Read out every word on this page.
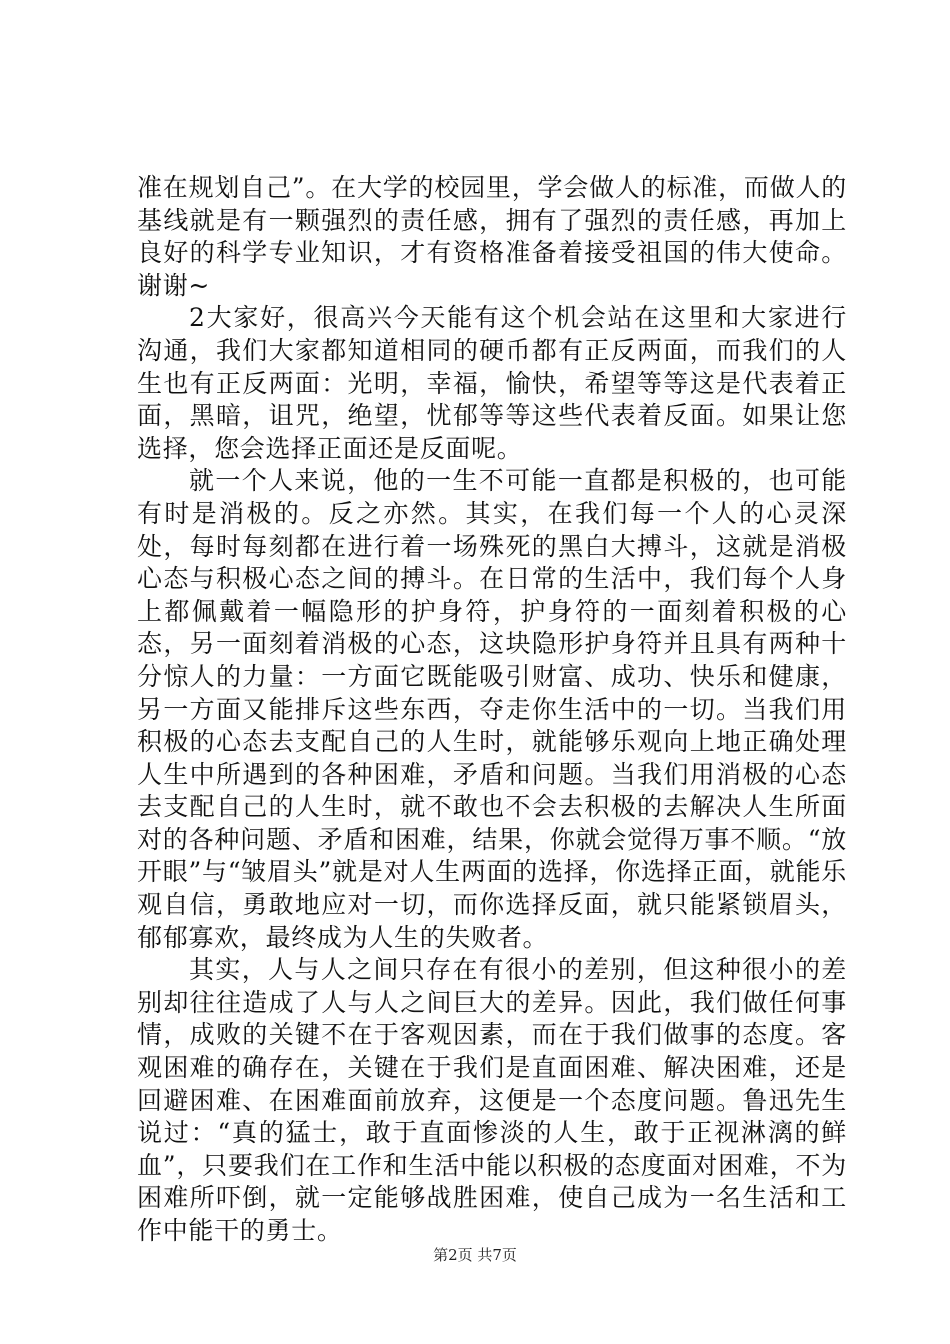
准在规划自己”。在大学的校园里，学会做人的标准，而做人的基线就是有一颗强烈的责任感，拥有了强烈的责任感，再加上良好的科学专业知识，才有资格准备着接受祖国的伟大使命。谢谢~

2大家好，很高兴今天能有这个机会站在这里和大家进行沟通，我们大家都知道相同的硬币都有正反两面，而我们的人生也有正反两面：光明，幸福，愉快，希望等等这是代表着正面，黑暗，诅咒，绝望，忧郁等等这些代表着反面。如果让您选择，您会选择正面还是反面呢。

就一个人来说，他的一生不可能一直都是积极的，也可能有时是消极的。反之亦然。其实，在我们每一个人的心灵深处，每时每刻都在进行着一场殊死的黑白大搏斗，这就是消极心态与积极心态之间的搏斗。在日常的生活中，我们每个人身上都佩戴着一幅隐形的护身符，护身符的一面刻着积极的心态，另一面刻着消极的心态，这块隐形护身符并且具有两种十分惊人的力量：一方面它既能吸引财富、成功、快乐和健康，另一方面又能排斥这些东西，夺走你生活中的一切。当我们用积极的心态去支配自己的人生时，就能够乐观向上地正确处理人生中所遇到的各种困难，矛盾和问题。当我们用消极的心态去支配自己的人生时，就不敢也不会去积极的去解决人生所面对的各种问题、矛盾和困难，结果，你就会觉得万事不顺。“放开眼”与“皱眉头”就是对人生两面的选择，你选择正面，就能乐观自信，勇敢地应对一切，而你选择反面，就只能紧锁眉头，郁郁寡欢，最终成为人生的失败者。

其实，人与人之间只存在有很小的差别，但这种很小的差别却往往造成了人与人之间巨大的差异。因此，我们做任何事情，成败的关键不在于客观因素，而在于我们做事的态度。客观困难的确存在，关键在于我们是直面困难、解决困难，还是回避困难、在困难面前放弃，这便是一个态度问题。鲁迅先生说过：“真的猛士，敢于直面惨淡的人生，敢于正视淋漓的鲜血”，只要我们在工作和生活中能以积极的态度面对困难，不为困难所吓倒，就一定能够战胜困难，使自己成为一名生活和工作中能干的勇士。

第2页 共7页
